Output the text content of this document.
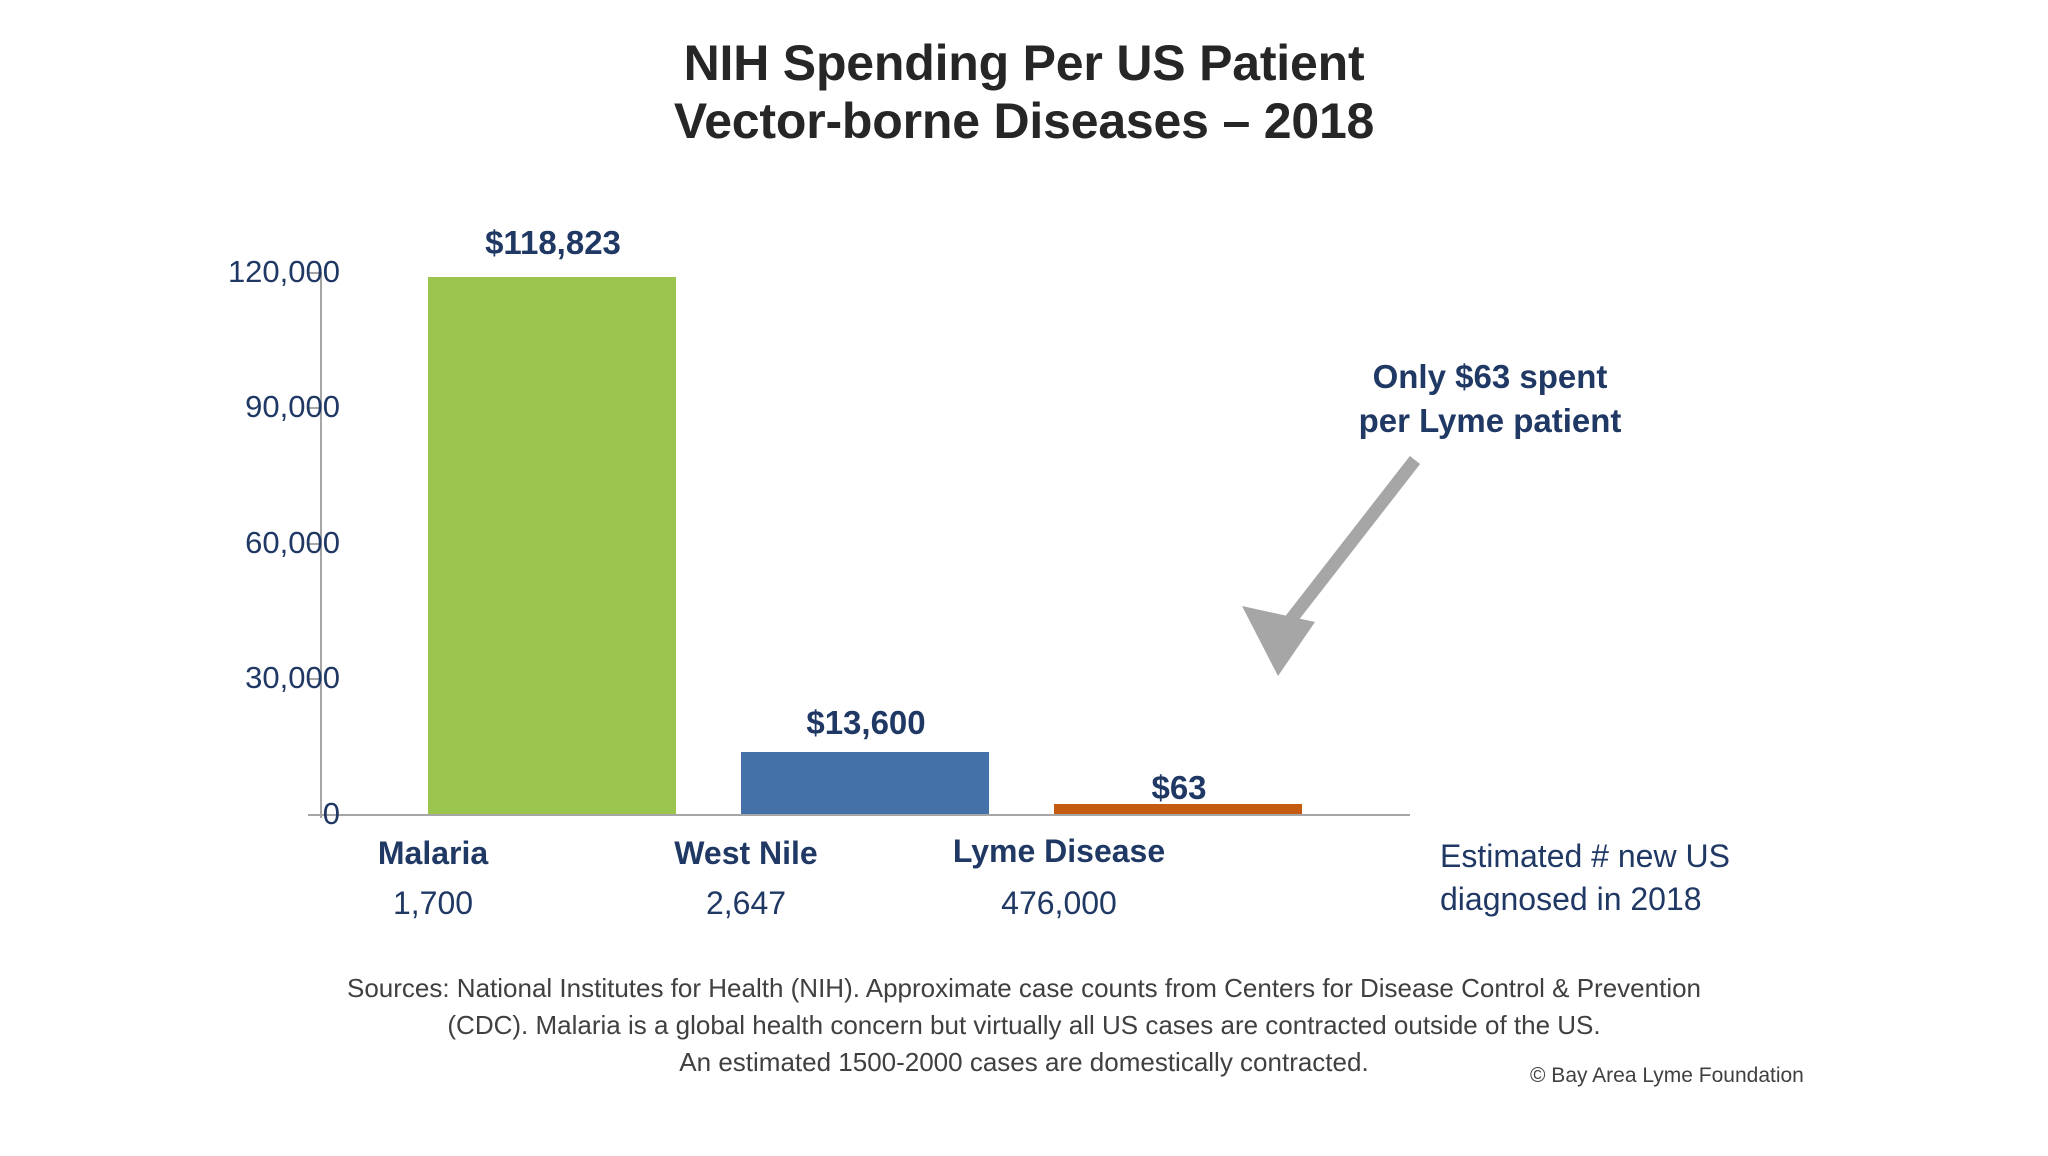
NIH Spending Per US Patient
Vector-borne Diseases – 2018
0
30,000
60,000
90,000
120,000
$118,823
$13,600
$63
Malaria
1,700
West Nile
2,647
Lyme Disease
476,000
Only $63 spent
per Lyme patient
Estimated # new US
diagnosed in 2018
Sources: National Institutes for Health (NIH). Approximate case counts from Centers for Disease Control & Prevention
(CDC). Malaria is a global health concern but virtually all US cases are contracted outside of the US.
An estimated 1500-2000 cases are domestically contracted.	© Bay Area Lyme Foundation
